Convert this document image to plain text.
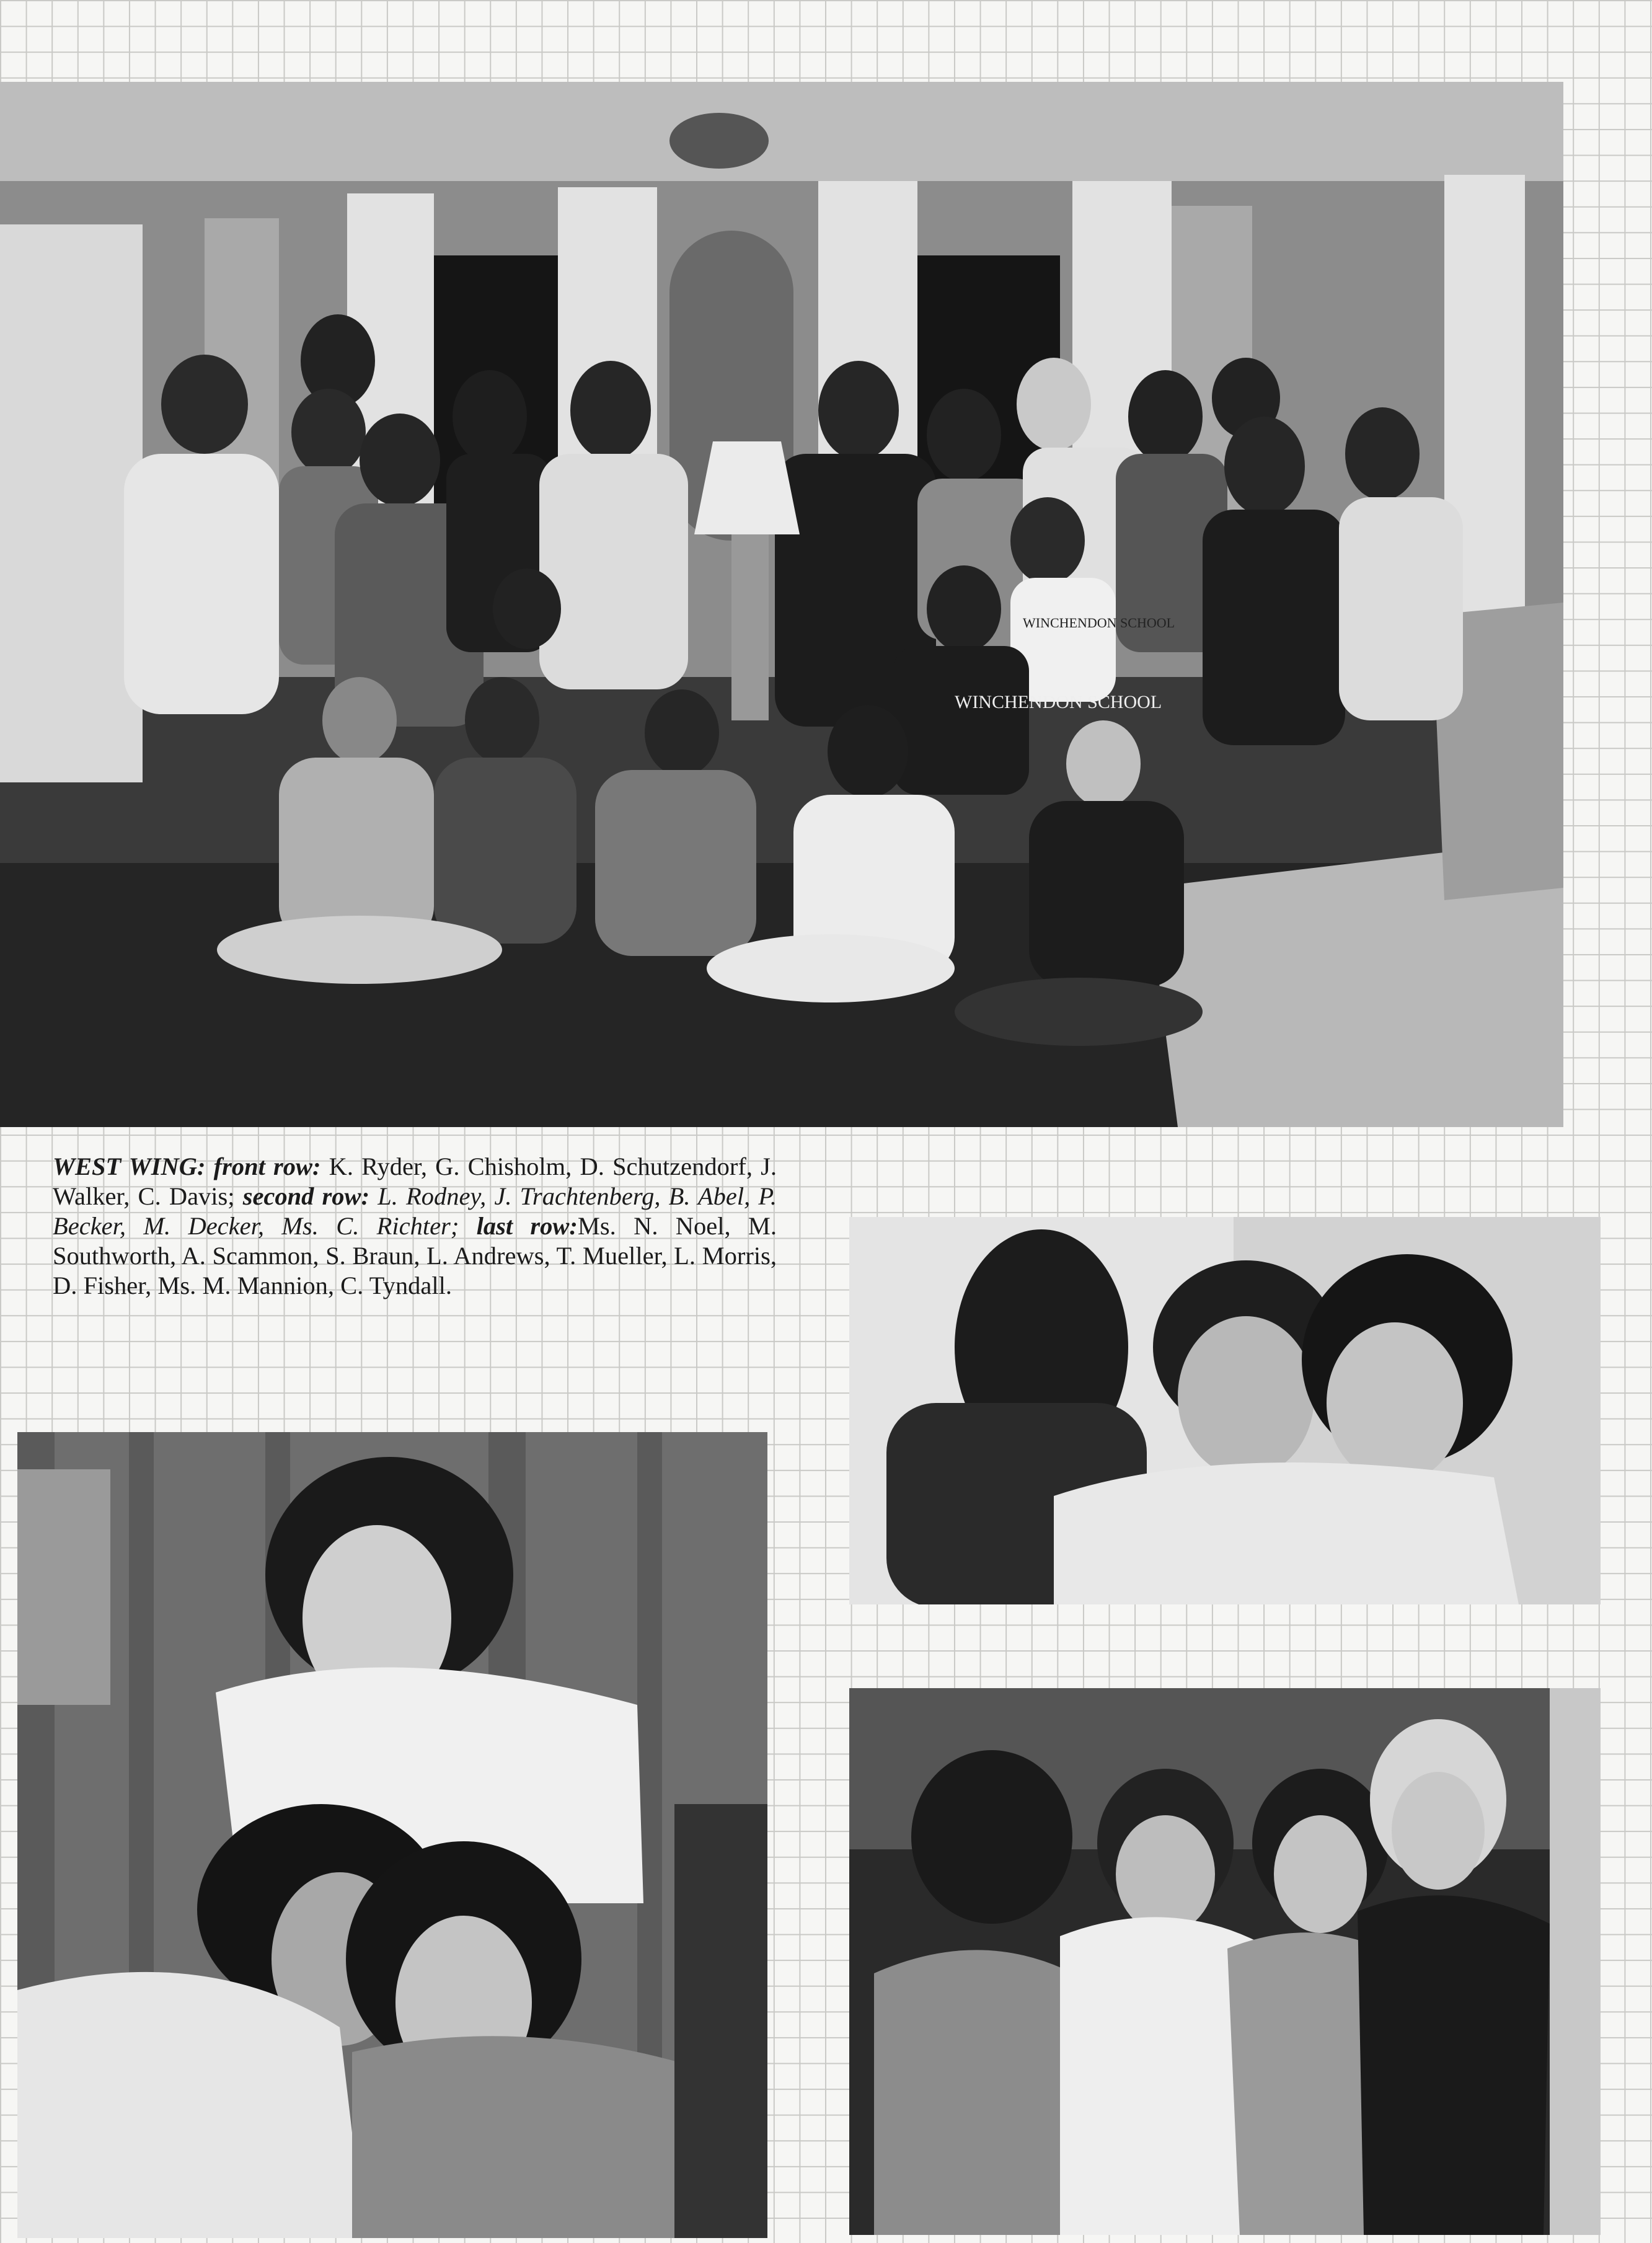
WINCHENDON SCHOOL
WINCHENDON SCHOOL

WEST WING: front row: K. Ryder, G. Chisholm, D. Schutzendorf, J. Walker, C. Davis; second row: L. Rodney, J. Trachtenberg, B. Abel, P. Becker, M. Decker, Ms. C. Richter; last row:Ms. N. Noel, M. Southworth, A. Scammon, S. Braun, L. Andrews, T. Mueller, L. Morris, D. Fisher, Ms. M. Mannion, C. Tyndall.
